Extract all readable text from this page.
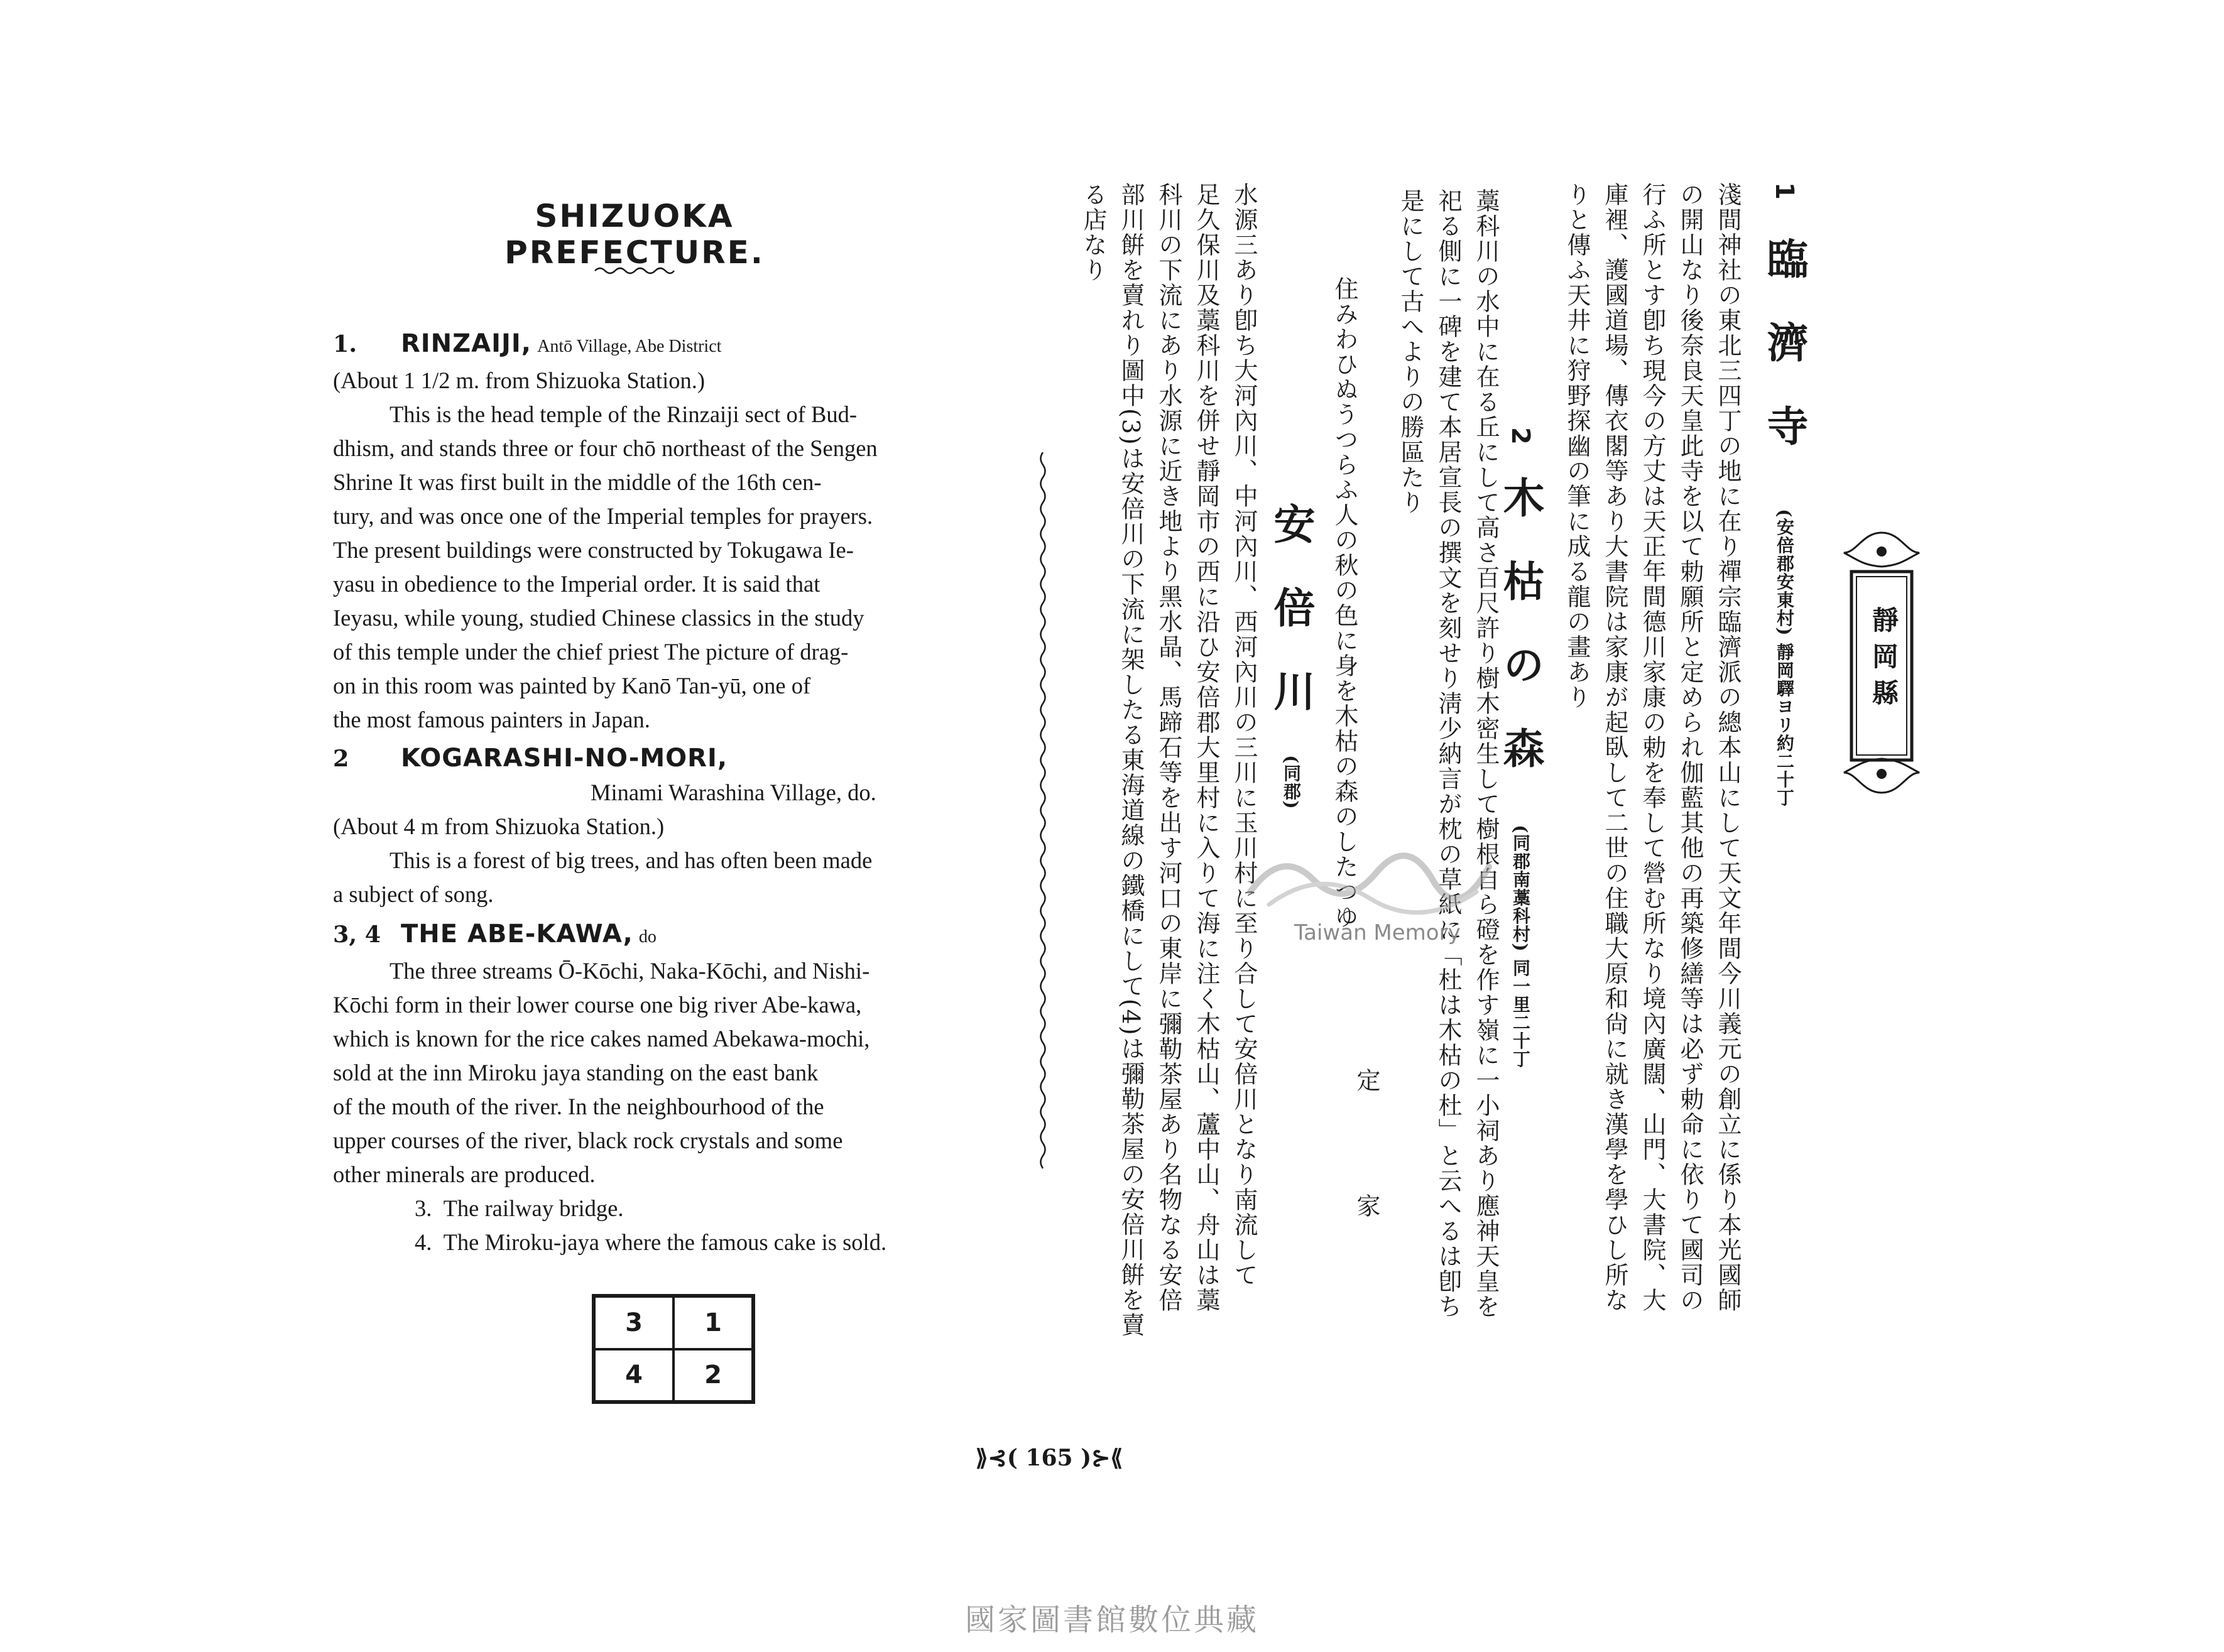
SHIZUOKA PREFECTURE.

1. RINZAIJI, Antō Village, Abe District

(About 1 1/2 m. from Shizuoka Station.)

This is the head temple of the Rinzaiji sect of Bud-

dhism, and stands three or four chō northeast of the Sengen

Shrine It was first built in the middle of the 16th cen-

tury, and was once one of the Imperial temples for prayers.

The present buildings were constructed by Tokugawa Ie-

yasu in obedience to the Imperial order. It is said that

Ieyasu, while young, studied Chinese classics in the study

of this temple under the chief priest The picture of drag-

on in this room was painted by Kanō Tan-yū, one of

the most famous painters in Japan.

2 KOGARASHI-NO-MORI,

Minami Warashina Village, do.

(About 4 m from Shizuoka Station.)

This is a forest of big trees, and has often been made

a subject of song.

3, 4 THE ABE-KAWA, do

The three streams Ō-Kōchi, Naka-Kōchi, and Nishi-

Kōchi form in their lower course one big river Abe-kawa,

which is known for the rice cakes named Abekawa-mochi,

sold at the inn Miroku jaya standing on the east bank

of the mouth of the river. In the neighbourhood of the

upper courses of the river, black rock crystals and some

other minerals are produced.

3. The railway bridge.

4. The Miroku-jaya where the famous cake is sold.

3	1
4	2
靜岡縣
1  臨 濟 寺  (安倍郡安東村) 靜岡驛ヨリ約二十丁
淺間神社の東北三四丁の地に在り禪宗臨濟派の總本山にして天文年間今川義元の創立に係り本光國師
の開山なり後奈良天皇此寺を以て勅願所と定められ伽藍其他の再築修繕等は必ず勅命に依りて國司の
行ふ所とす卽ち現今の方丈は天正年間德川家康の勅を奉して營む所なり境內廣闊、山門、大書院、大
庫裡、護國道場、傳衣閣等あり大書院は家康が起臥して二世の住職大原和尙に就き漢學を學ひし所な
りと傳ふ天井に狩野探幽の筆に成る龍の畫あり
2  木 枯 の 森  (同郡南藁科村) 同一里二十丁
藁科川の水中に在る丘にして高さ百尺許り樹木密生して樹根自ら磴を作す嶺に一小祠あり應神天皇を
祀る側に一碑を建て本居宣長の撰文を刻せり淸少納言が枕の草紙に「杜は木枯の杜」と云へるは卽ち
是にして古へよりの勝區たり
住みわひぬうつらふ人の秋の色に身を木枯の森のしたつゆ
定　　　　家
安 倍 川  (同郡)
水源三あり卽ち大河內川、中河內川、西河內川の三川に玉川村に至り合して安倍川となり南流して
足久保川及藁科川を併せ靜岡市の西に沿ひ安倍郡大里村に入りて海に注く木枯山、蘆中山、舟山は藁
科川の下流にあり水源に近き地より黑水晶、馬蹄石等を出す河口の東岸に彌勒茶屋あり名物なる安倍
部川餠を賣れり圖中(3)は安倍川の下流に架したる東海道線の鐵橋にして(4)は彌勒茶屋の安倍川餠を賣
る店なり
Taiwan Memory
⟫⊰( 165 )⊱⟪
國家圖書館數位典藏
